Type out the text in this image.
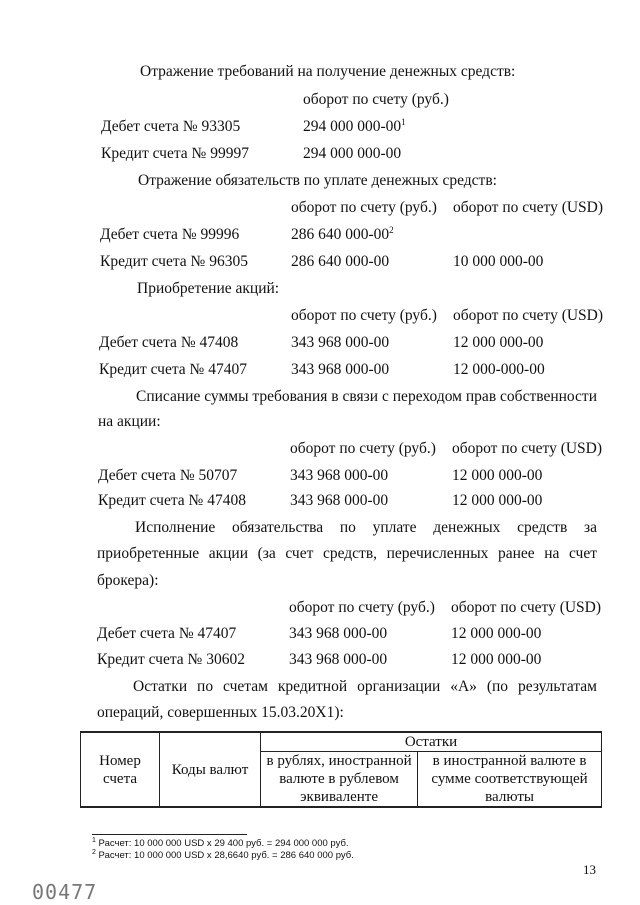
Отражение требований на получение денежных средств:
оборот по счету (руб.)
Дебет счета № 93305	294 000 $000-00^1$
Кредит счета № 99997	294 000 000-00
Отражение обязательств по уплате денежных средств:
оборот по счету (руб.) оборот по счету (USD)
Дебет счета № 99996	286 640 $000-00^2$
Кредит счета № 96305	286 640 000-00	10 000 000-00
Приобретение акций:
оборот по счету (руб.) оборот по счету (USD)
Дебет счета № 47408	343 968 000-00	12 000 000-00
Кредит счета № 47407	343 968 000-00	12 000-000-00
Списание суммы требования в связи с переходом прав собственности
на акции:
оборот по счету (руб.) оборот по счету (USD)
Дебет счета № 50707	343 968 000-00	12 000 000-00
Кредит счета № 47408	343 968 000-00	12 000 000-00
Исполнение обязательства по уплате денежных средств за
приобретенные акции (за счет средств, перечисленных ранее на счет
брокера):
оборот по счету (руб.) оборот по счету (USD)
Дебет счета № 47407	343 968 000-00	12 000 000-00
Кредит счета № 30602	343 968 000-00	12 000 000-00
Остатки по счетам кредитной организации «А» (по результатам
операций, совершенных 15.03.20Х1):
Номер счета	Коды валют	Остатки	
		в рублях, иностранной валюте в рублевом эквиваленте	в иностранной валюте в сумме соответствующей валюты
$^1$ Расчет: 10 000 000 USD х 29 400 руб. = 294 000 000 руб.
$^2$ Расчет: 10 000 000 USD х 28,6640 руб. = 286 640 000 руб.
13
00477
